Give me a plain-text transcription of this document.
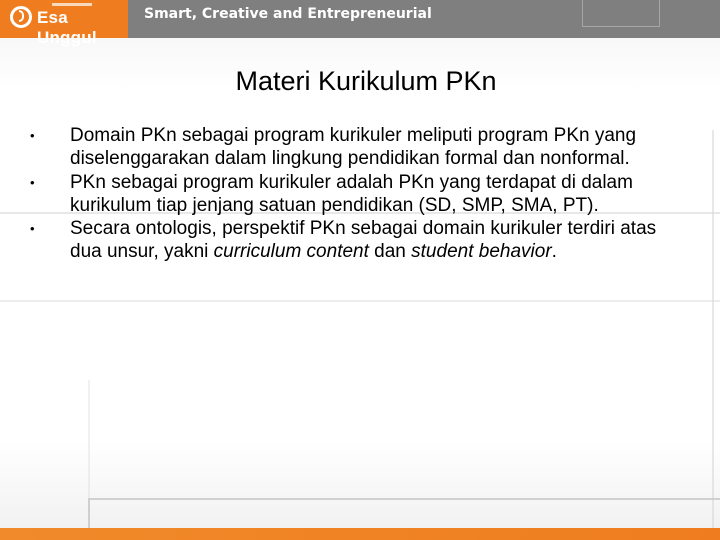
Esa Unggul
Smart, Creative and Entrepreneurial
Materi Kurikulum PKn
• Domain PKn sebagai program kurikuler meliputi program PKn yang diselenggarakan dalam lingkung pendidikan formal dan nonformal.
• PKn sebagai program kurikuler adalah PKn yang terdapat di dalam kurikulum tiap jenjang satuan pendidikan (SD, SMP, SMA, PT).
• Secara ontologis, perspektif PKn sebagai domain kurikuler terdiri atas dua unsur, yakni curriculum content dan student behavior.
